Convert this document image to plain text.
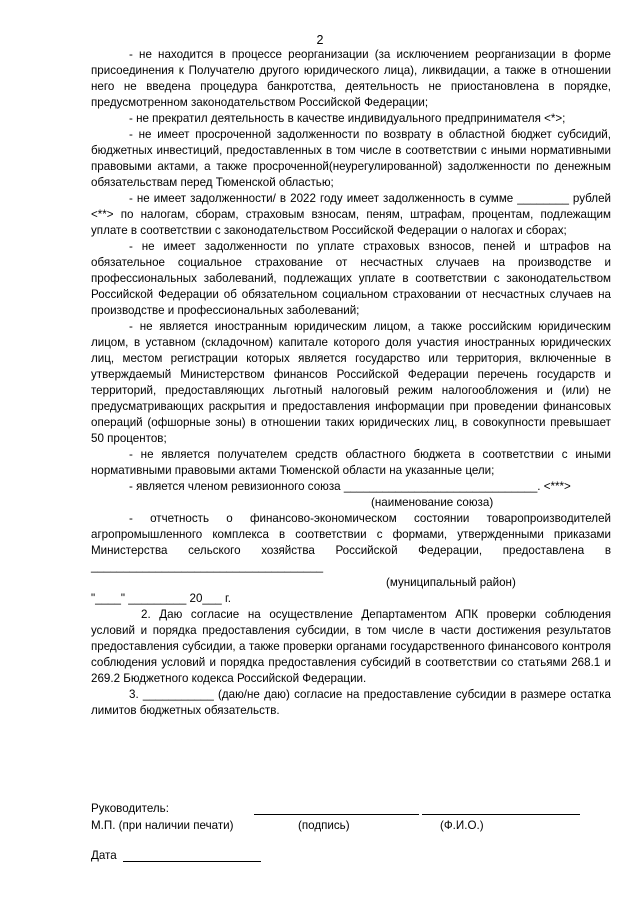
2

- не находится в процессе реорганизации (за исключением реорганизации в форме присоединения к Получателю другого юридического лица), ликвидации, а также в отношении него не введена процедура банкротства, деятельность не приостановлена в порядке, предусмотренном законодательством Российской Федерации;

- не прекратил деятельность в качестве индивидуального предпринимателя <*>;

- не имеет просроченной задолженности по возврату в областной бюджет субсидий, бюджетных инвестиций, предоставленных в том числе в соответствии с иными нормативными правовыми актами, а также просроченной(неурегулированной) задолженности по денежным обязательствам перед Тюменской областью;

- не имеет задолженности/ в 2022 году имеет задолженность в сумме ________ рублей <**> по налогам, сборам, страховым взносам, пеням, штрафам, процентам, подлежащим уплате в соответствии с законодательством Российской Федерации о налогах и сборах;

- не имеет задолженности по уплате страховых взносов, пеней и штрафов на обязательное социальное страхование от несчастных случаев на производстве и профессиональных заболеваний, подлежащих уплате в соответствии с законодательством Российской Федерации об обязательном социальном страховании от несчастных случаев на производстве и профессиональных заболеваний;

- не является иностранным юридическим лицом, а также российским юридическим лицом, в уставном (складочном) капитале которого доля участия иностранных юридических лиц, местом регистрации которых является государство или территория, включенные в утверждаемый Министерством финансов Российской Федерации перечень государств и территорий, предоставляющих льготный налоговый режим налогообложения и (или) не предусматривающих раскрытия и предоставления информации при проведении финансовых операций (офшорные зоны) в отношении таких юридических лиц, в совокупности превышает 50 процентов;

- не является получателем средств областного бюджета в соответствии с иными нормативными правовыми актами Тюменской области на указанные цели;

- является членом ревизионного союза ______________________________. <***>

(наименование союза)

- отчетность о финансово-экономическом состоянии товаропроизводителей агропромышленного комплекса в соответствии с формами, утвержденными приказами Министерства сельского хозяйства Российской Федерации, предоставлена в ____________________________________

(муниципальный район)

"____" _________ 20___ г.

2. Даю согласие на осуществление Департаментом АПК проверки соблюдения условий и порядка предоставления субсидии, в том числе в части достижения результатов предоставления субсидии, а также проверки органами государственного финансового контроля соблюдения условий и порядка предоставления субсидий в соответствии со статьями 268.1 и 269.2 Бюджетного кодекса Российской Федерации.

3. ___________ (даю/не даю) согласие на предоставление субсидии в размере остатка лимитов бюджетных обязательств.

Руководитель:
М.П. (при наличии печати)	(подпись)	(Ф.И.О.)
Дата
